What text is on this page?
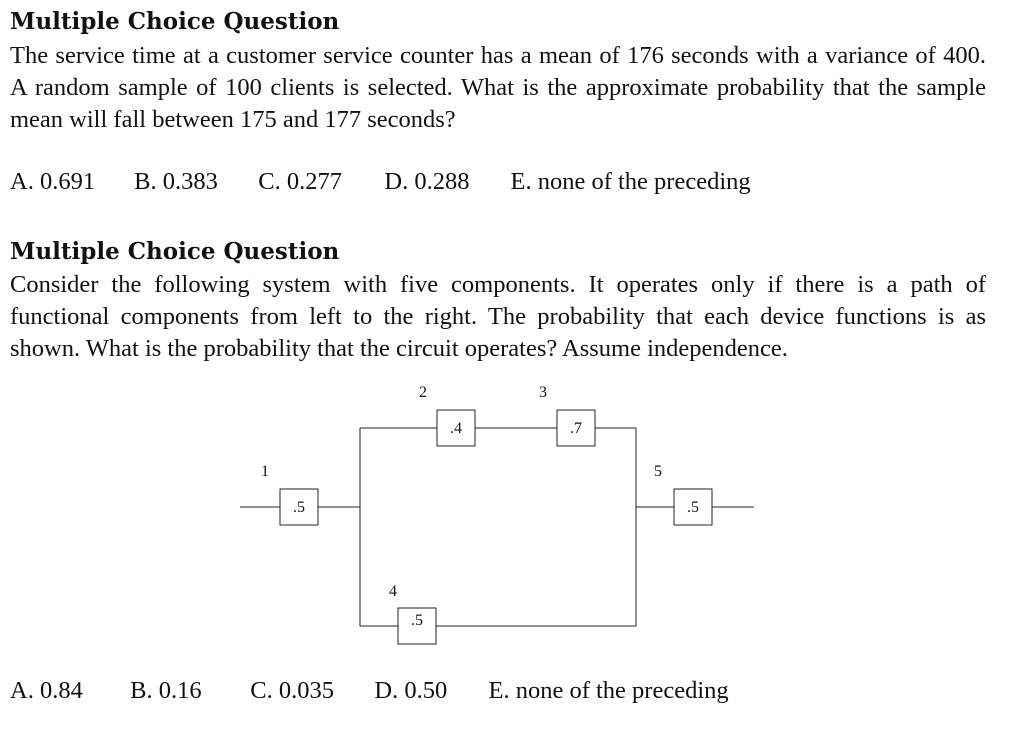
Multiple Choice Question

The service time at a customer service counter has a mean of 176 seconds with a variance of 400. A random sample of 100 clients is selected. What is the approximate probability that the sample mean will fall between 175 and 177 seconds?

A. 0.691 B. 0.383 C. 0.277 D. 0.288 E. none of the preceding
Multiple Choice Question

Consider the following system with five components. It operates only if there is a path of functional components from left to the right. The probability that each device functions is as shown. What is the probability that the circuit operates? Assume independence.

.5
1
.4
2
.7
3
.5
4
.5
5
A. 0.84 B. 0.16 C. 0.035 D. 0.50 E. none of the preceding
